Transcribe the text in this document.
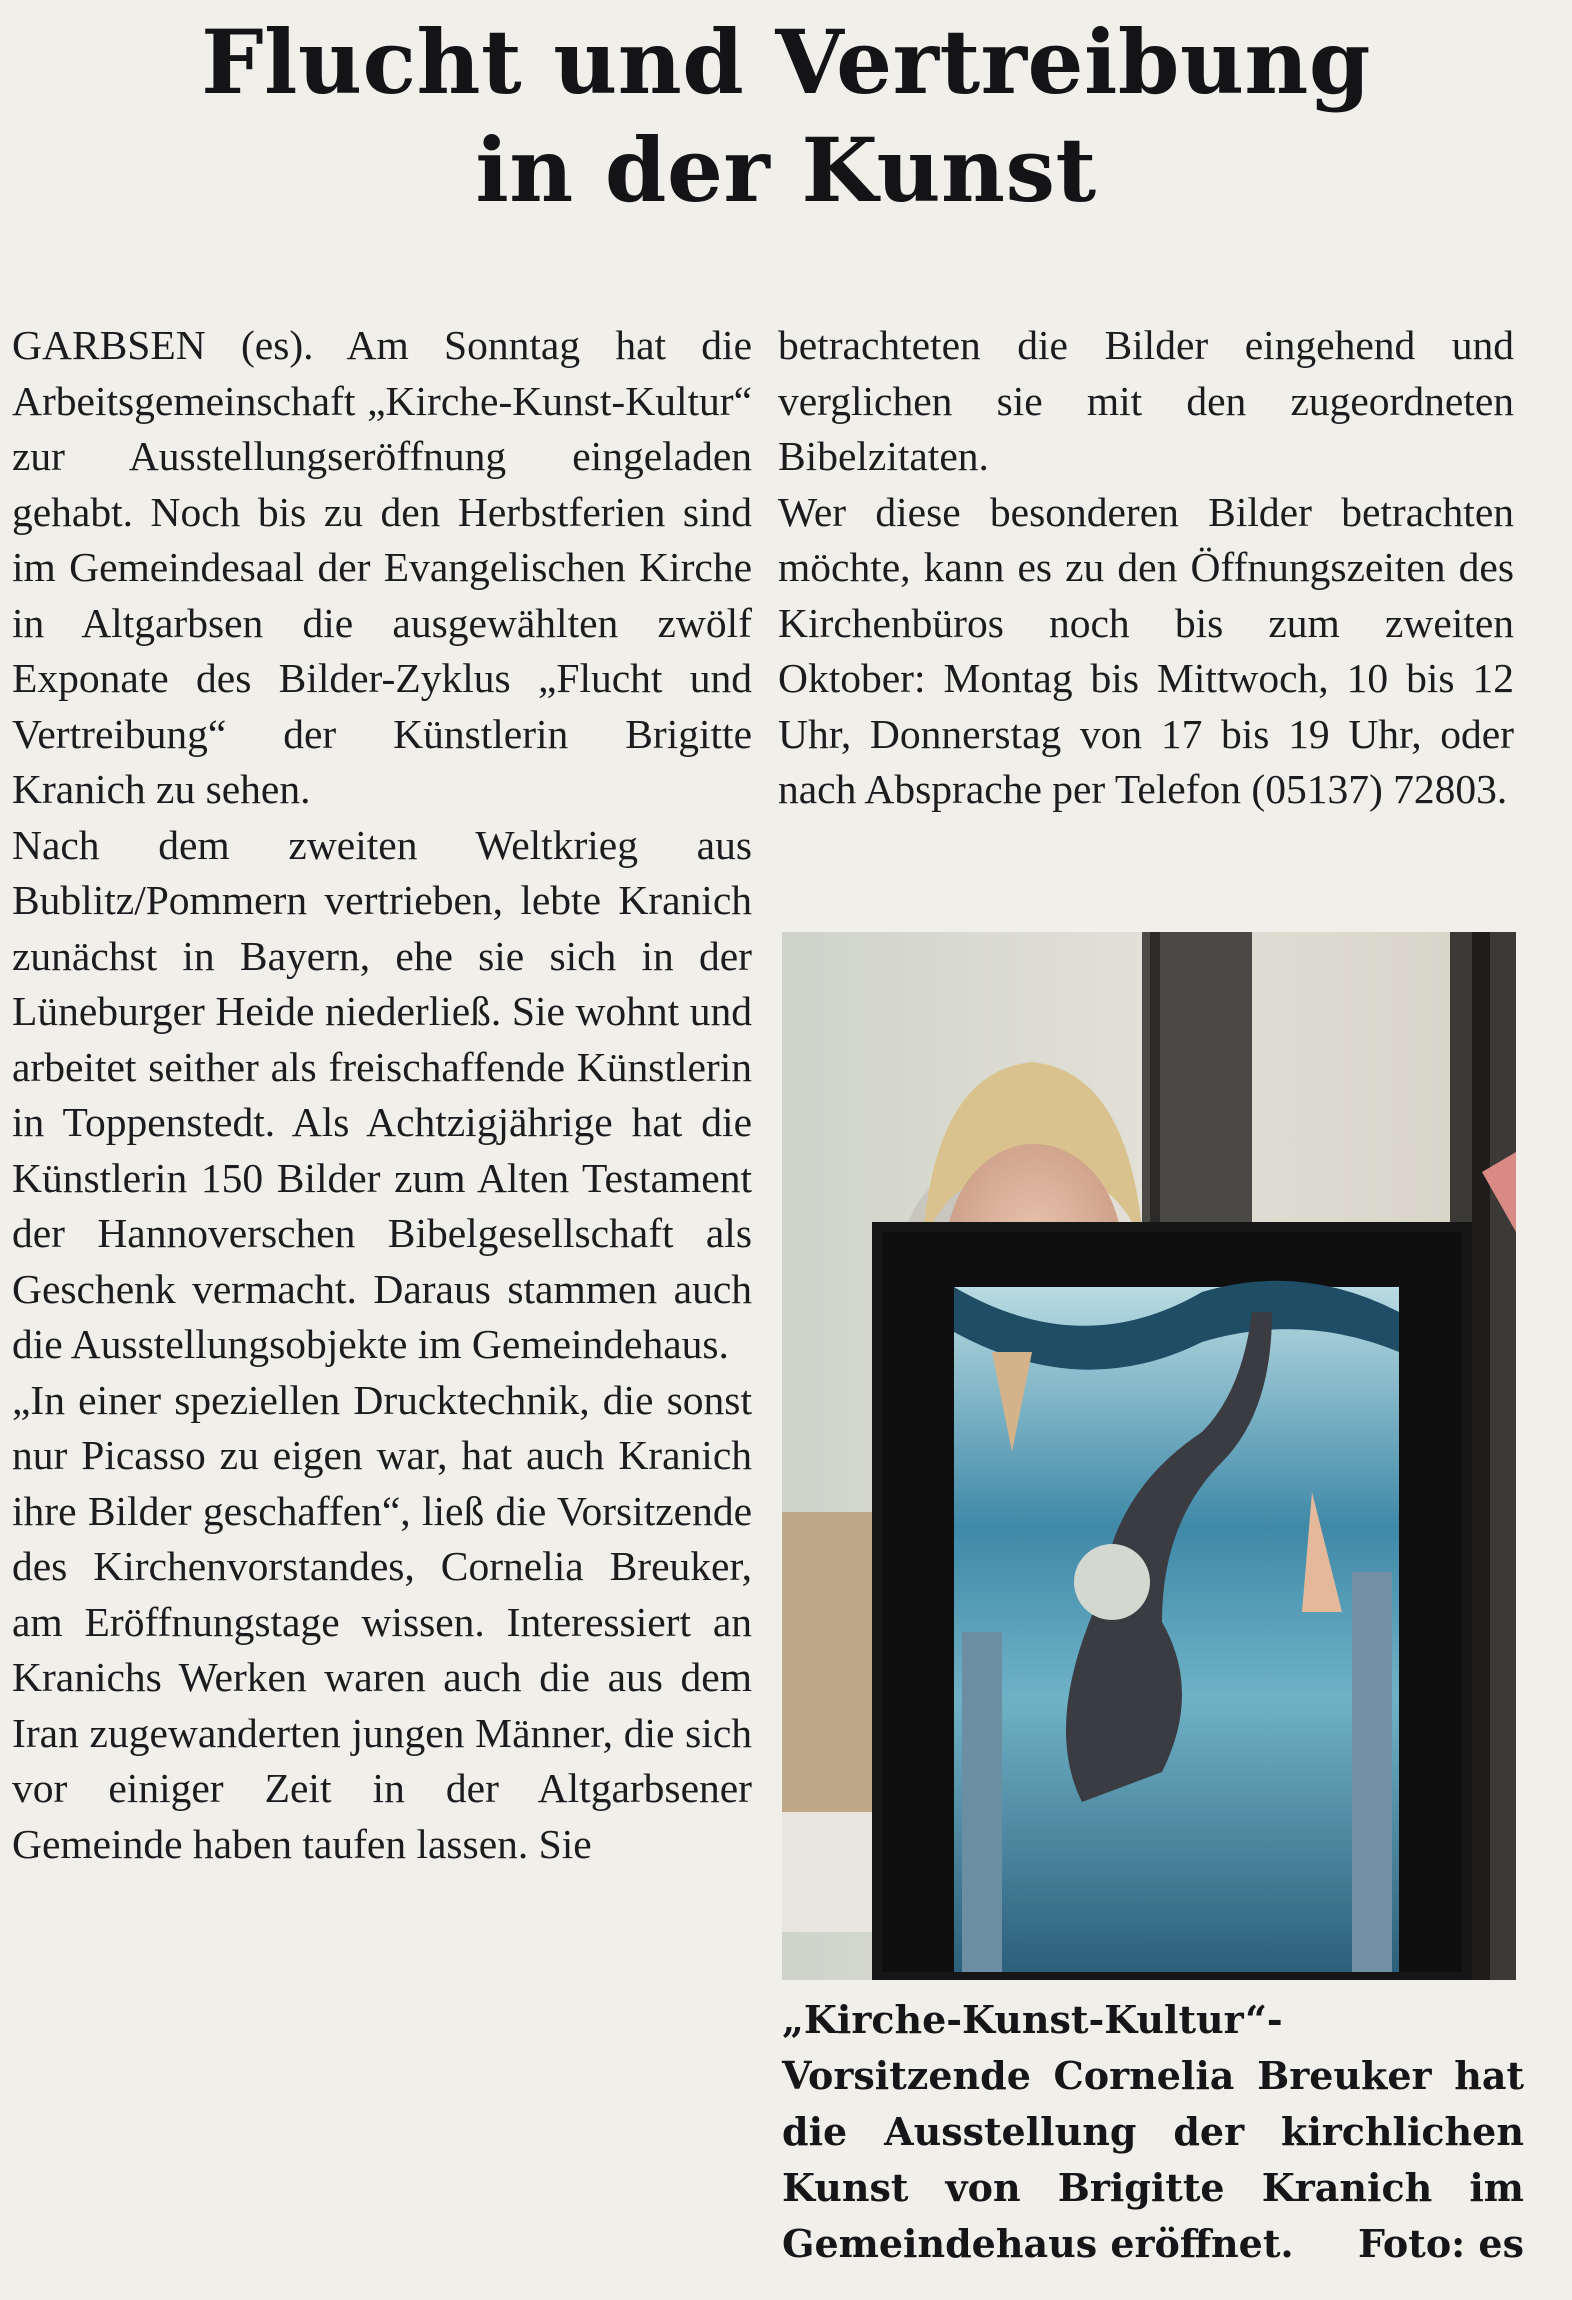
Flucht und Vertreibung
in der Kunst

GARBSEN (es). Am Sonntag hat die Arbeitsgemeinschaft „Kirche-Kunst-Kultur“ zur Ausstellungseröffnung eingeladen gehabt. Noch bis zu den Herbstferien sind im Gemeindesaal der Evangelischen Kirche in Altgarbsen die ausgewählten zwölf Exponate des Bilder-Zyklus „Flucht und Vertreibung“ der Künstlerin Brigitte Kranich zu sehen.

Nach dem zweiten Weltkrieg aus Bublitz/Pommern vertrieben, lebte Kranich zunächst in Bayern, ehe sie sich in der Lüneburger Heide niederließ. Sie wohnt und arbeitet seither als freischaffende Künstlerin in Toppenstedt. Als Achtzigjährige hat die Künstlerin 150 Bilder zum Alten Testament der Hannoverschen Bibelgesellschaft als Geschenk vermacht. Daraus stammen auch die Ausstellungsobjekte im Gemeindehaus.

„In einer speziellen Drucktechnik, die sonst nur Picasso zu eigen war, hat auch Kranich ihre Bilder geschaffen“, ließ die Vorsitzende des Kirchenvorstandes, Cornelia Breuker, am Eröffnungstage wissen. Interessiert an Kranichs Werken waren auch die aus dem Iran zugewanderten jungen Männer, die sich vor einiger Zeit in der Altgarbsener Gemeinde haben taufen lassen. Sie

betrachteten die Bilder eingehend und verglichen sie mit den zugeordneten Bibelzitaten.

Wer diese besonderen Bilder betrachten möchte, kann es zu den Öffnungszeiten des Kirchenbüros noch bis zum zweiten Oktober: Montag bis Mittwoch, 10 bis 12 Uhr, Donnerstag von 17 bis 19 Uhr, oder nach Absprache per Telefon (05137) 72803.

„Kirche-Kunst-Kultur“-Vorsitzende Cornelia Breuker hat die Ausstellung der kirchlichen Kunst von Brigitte Kranich im Gemeindehaus eröffnet. Foto: es
